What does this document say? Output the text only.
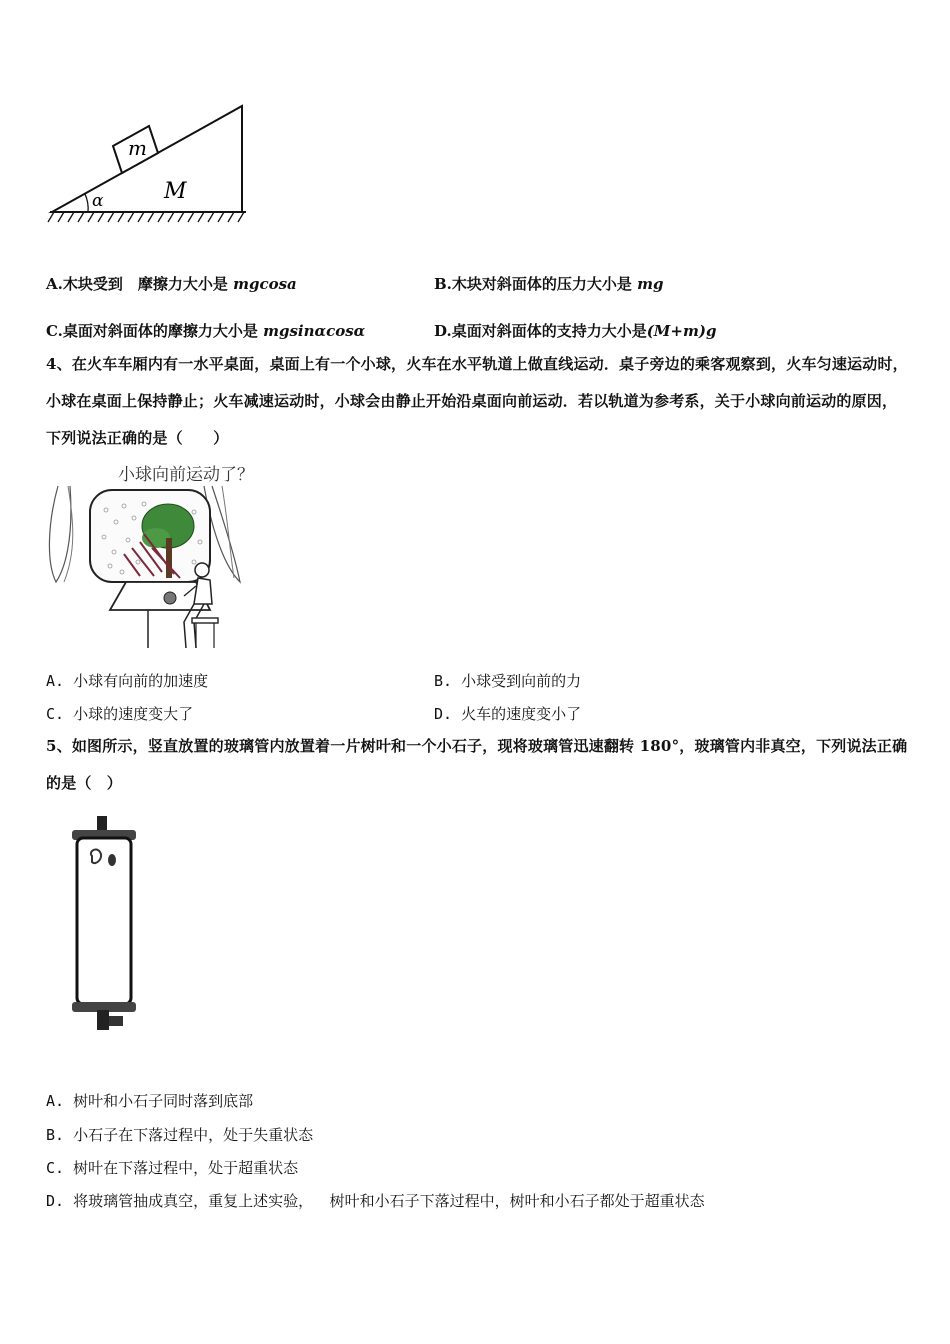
m
M
α
A.木块受到　摩擦力大小是 mgcosa	B.木块对斜面体的压力大小是 mg
C.桌面对斜面体的摩擦力大小是 mgsinαcosα	D.桌面对斜面体的支持力大小是(M+m)g
4、在火车车厢内有一水平桌面，桌面上有一个小球，火车在水平轨道上做直线运动．桌子旁边的乘客观察到，火车匀速运动时，小球在桌面上保持静止；火车减速运动时，小球会由静止开始沿桌面向前运动．若以轨道为参考系，关于小球向前运动的原因，下列说法正确的是（　　）
小球向前运动了？
A. 小球有向前的加速度	B. 小球受到向前的力
C. 小球的速度变大了	D. 火车的速度变小了
5、如图所示，竖直放置的玻璃管内放置着一片树叶和一个小石子，现将玻璃管迅速翻转 180°，玻璃管内非真空，下列说法正确的是（　）
A. 树叶和小石子同时落到底部
B. 小石子在下落过程中，处于失重状态
C. 树叶在下落过程中，处于超重状态
D. 将玻璃管抽成真空，重复上述实验，　 树叶和小石子下落过程中，树叶和小石子都处于超重状态
